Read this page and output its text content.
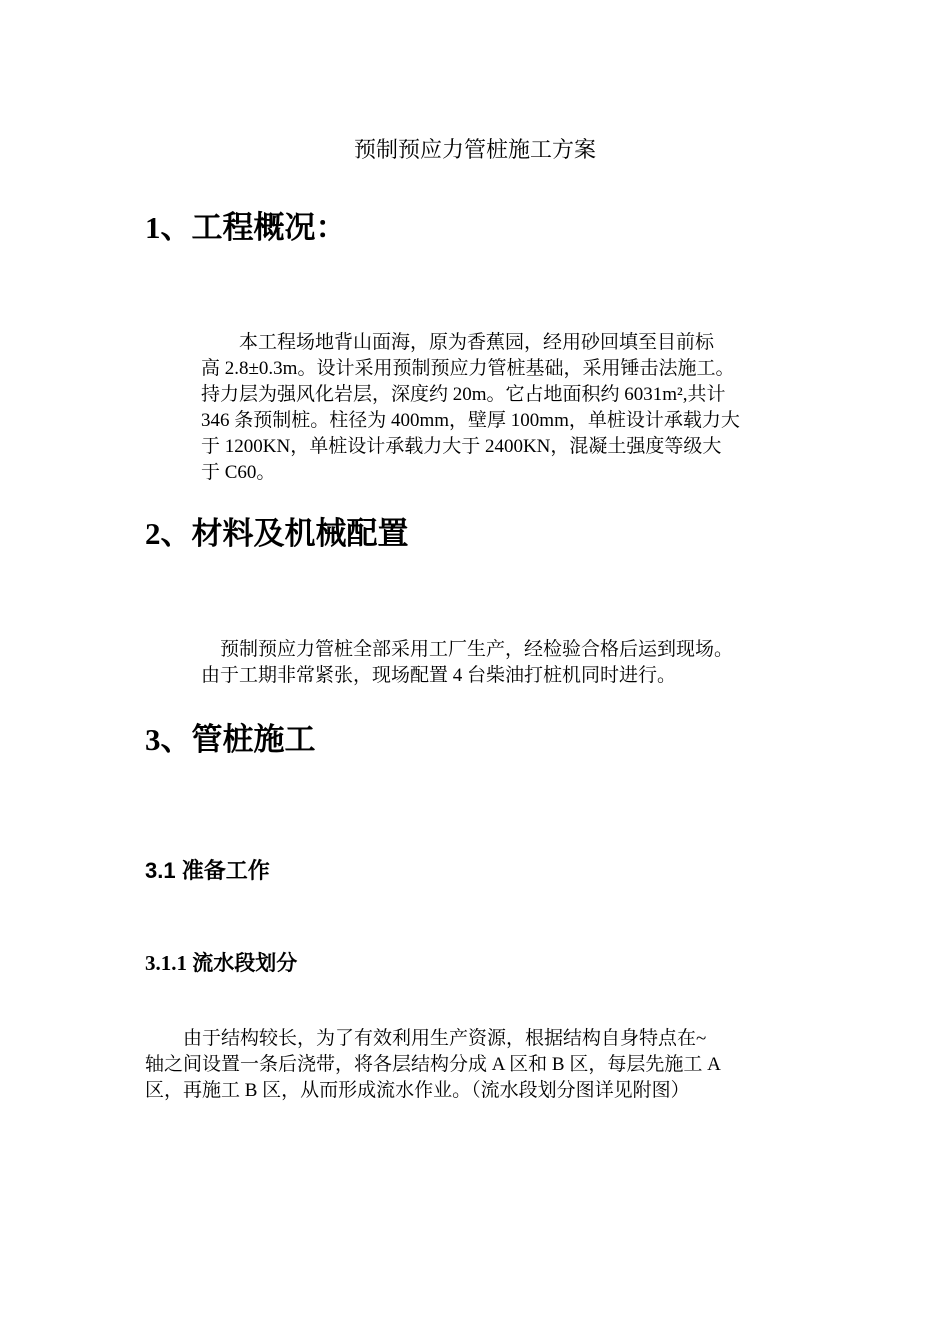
预制预应力管桩施工方案
1、工程概况：
　　本工程场地背山面海，原为香蕉园，经用砂回填至目前标
高 2.8±0.3m。设计采用预制预应力管桩基础，采用锤击法施工。
持力层为强风化岩层，深度约 20m。它占地面积约 6031m²,共计
346 条预制桩。柱径为 400mm，壁厚 100mm，单桩设计承载力大
于 1200KN，单桩设计承载力大于 2400KN，混凝土强度等级大
于 C60。
2、材料及机械配置
　预制预应力管桩全部采用工厂生产，经检验合格后运到现场。
由于工期非常紧张，现场配置 4 台柴油打桩机同时进行。
3、管桩施工
3.1 准备工作
3.1.1 流水段划分
　　由于结构较长，为了有效利用生产资源，根据结构自身特点在~
轴之间设置一条后浇带，将各层结构分成 A 区和 B 区，每层先施工 A
区，再施工 B 区，从而形成流水作业。（流水段划分图详见附图）
